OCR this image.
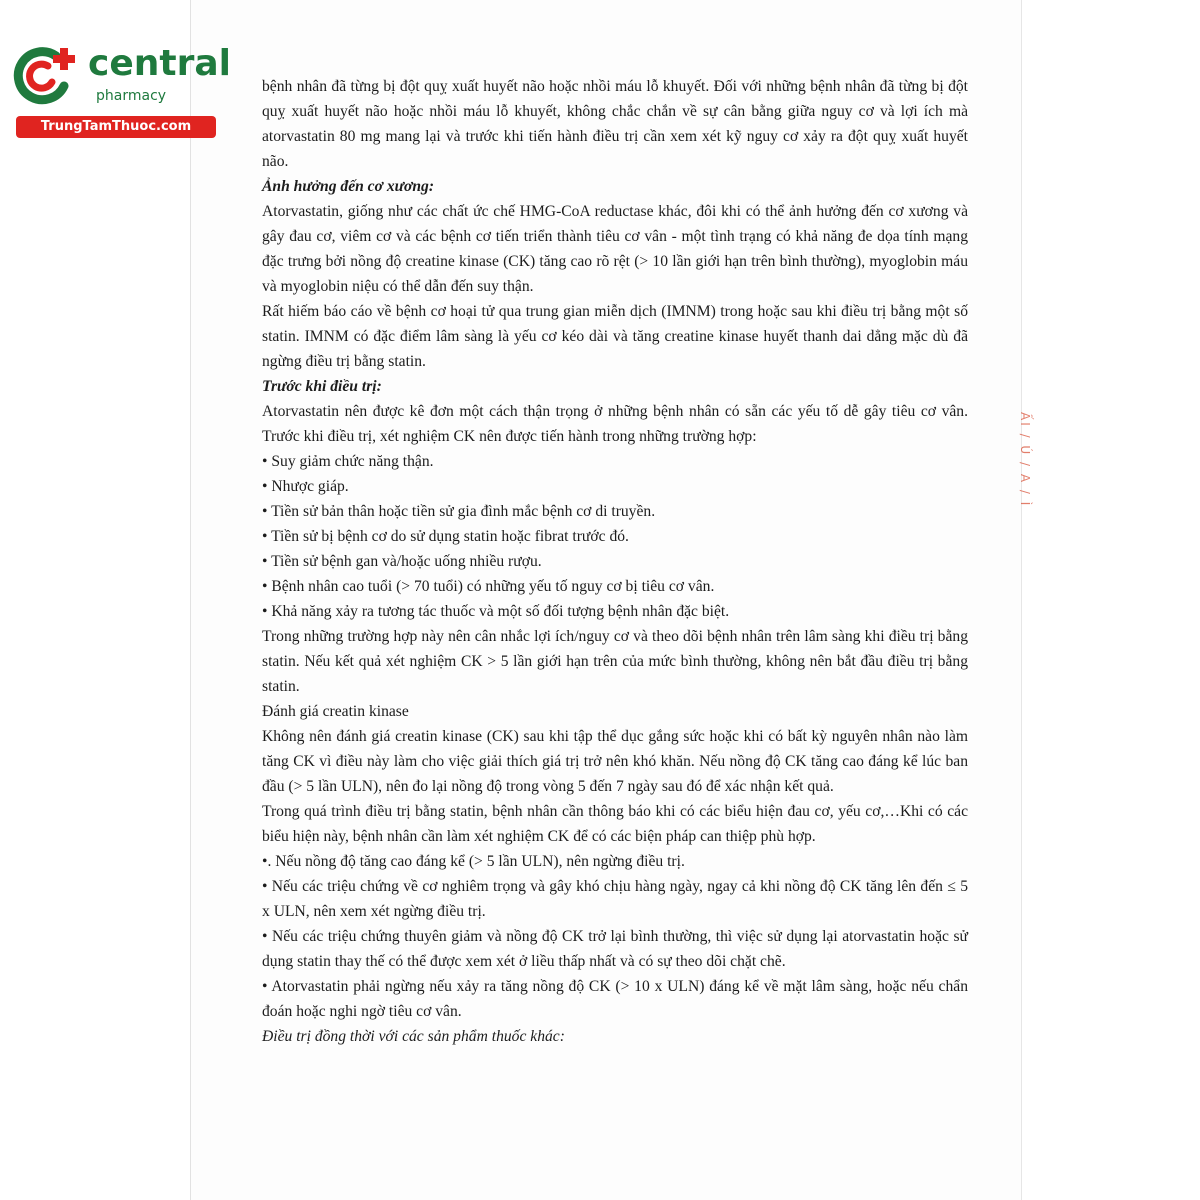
central
pharmacy
TrungTamThuoc.com

bệnh nhân đã từng bị đột quỵ xuất huyết não hoặc nhồi máu lỗ khuyết. Đối với những bệnh nhân đã từng bị đột quỵ xuất huyết não hoặc nhồi máu lỗ khuyết, không chắc chắn về sự cân bằng giữa nguy cơ và lợi ích mà atorvastatin 80 mg mang lại và trước khi tiến hành điều trị cần xem xét kỹ nguy cơ xảy ra đột quỵ xuất huyết não.

Ảnh hưởng đến cơ xương:

Atorvastatin, giống như các chất ức chế HMG-CoA reductase khác, đôi khi có thể ảnh hưởng đến cơ xương và gây đau cơ, viêm cơ và các bệnh cơ tiến triển thành tiêu cơ vân - một tình trạng có khả năng đe dọa tính mạng đặc trưng bởi nồng độ creatine kinase (CK) tăng cao rõ rệt (> 10 lần giới hạn trên bình thường), myoglobin máu và myoglobin niệu có thể dẫn đến suy thận.

Rất hiếm báo cáo về bệnh cơ hoại tử qua trung gian miễn dịch (IMNM) trong hoặc sau khi điều trị bằng một số statin. IMNM có đặc điểm lâm sàng là yếu cơ kéo dài và tăng creatine kinase huyết thanh dai dẳng mặc dù đã ngừng điều trị bằng statin.

Trước khi điều trị:

Atorvastatin nên được kê đơn một cách thận trọng ở những bệnh nhân có sẵn các yếu tố dễ gây tiêu cơ vân. Trước khi điều trị, xét nghiệm CK nên được tiến hành trong những trường hợp:

• Suy giảm chức năng thận.

• Nhược giáp.

• Tiền sử bản thân hoặc tiền sử gia đình mắc bệnh cơ di truyền.

• Tiền sử bị bệnh cơ do sử dụng statin hoặc fibrat trước đó.

• Tiền sử bệnh gan và/hoặc uống nhiều rượu.

• Bệnh nhân cao tuổi (> 70 tuổi) có những yếu tố nguy cơ bị tiêu cơ vân.

• Khả năng xảy ra tương tác thuốc và một số đối tượng bệnh nhân đặc biệt.

Trong những trường hợp này nên cân nhắc lợi ích/nguy cơ và theo dõi bệnh nhân trên lâm sàng khi điều trị bằng statin. Nếu kết quả xét nghiệm CK > 5 lần giới hạn trên của mức bình thường, không nên bắt đầu điều trị bằng statin.

Đánh giá creatin kinase

Không nên đánh giá creatin kinase (CK) sau khi tập thể dục gắng sức hoặc khi có bất kỳ nguyên nhân nào làm tăng CK vì điều này làm cho việc giải thích giá trị trở nên khó khăn. Nếu nồng độ CK tăng cao đáng kể lúc ban đầu (> 5 lần ULN), nên đo lại nồng độ trong vòng 5 đến 7 ngày sau đó để xác nhận kết quả.

Trong quá trình điều trị bằng statin, bệnh nhân cần thông báo khi có các biểu hiện đau cơ, yếu cơ,…Khi có các biểu hiện này, bệnh nhân cần làm xét nghiệm CK để có các biện pháp can thiệp phù hợp.

•. Nếu nồng độ tăng cao đáng kể (> 5 lần ULN), nên ngừng điều trị.

• Nếu các triệu chứng về cơ nghiêm trọng và gây khó chịu hàng ngày, ngay cả khi nồng độ CK tăng lên đến ≤ 5 x ULN, nên xem xét ngừng điều trị.

• Nếu các triệu chứng thuyên giảm và nồng độ CK trở lại bình thường, thì việc sử dụng lại atorvastatin hoặc sử dụng statin thay thế có thể được xem xét ở liều thấp nhất và có sự theo dõi chặt chẽ.

• Atorvastatin phải ngừng nếu xảy ra tăng nồng độ CK (> 10 x ULN) đáng kể về mặt lâm sàng, hoặc nếu chẩn đoán hoặc nghi ngờ tiêu cơ vân.

Điều trị đồng thời với các sản phẩm thuốc khác:

ẤI / Ú / A / Ì
